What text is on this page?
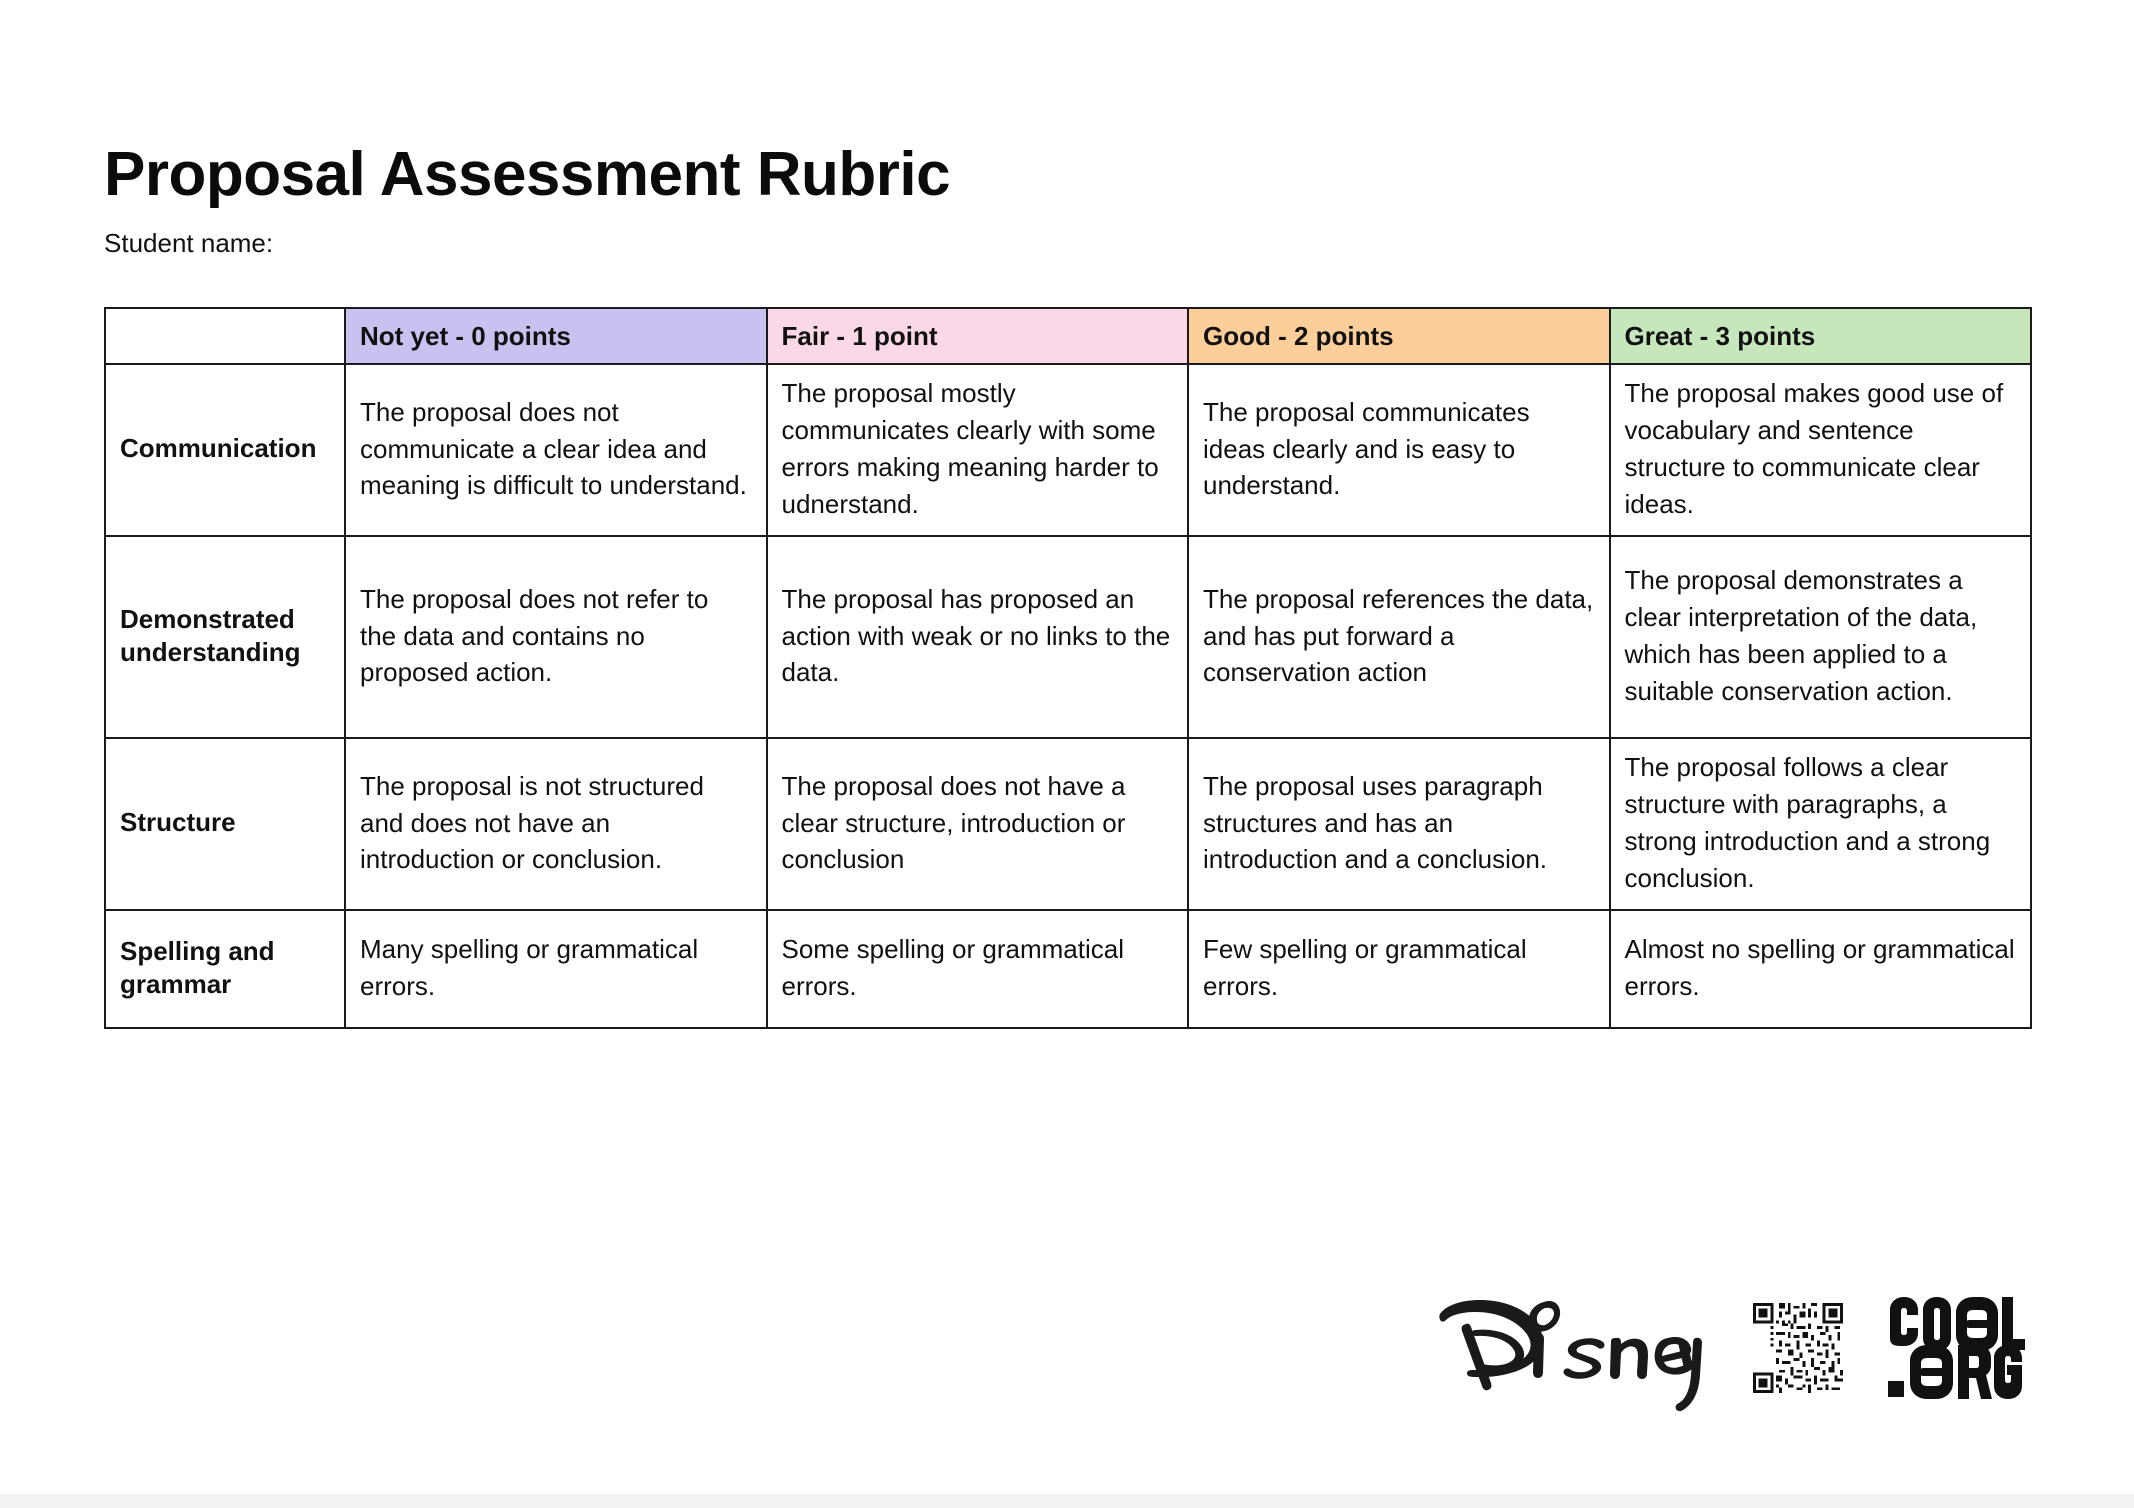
Proposal Assessment Rubric
Student name:
	Not yet - 0 points	Fair - 1 point	Good - 2 points	Great - 3 points
Communication	The proposal does not communicate a clear idea and meaning is difficult to understand.	The proposal mostly communicates clearly with some errors making meaning harder to udnerstand.	The proposal communicates ideas clearly and is easy to understand.	The proposal makes good use of vocabulary and sentence structure to communicate clear ideas.
Demonstrated understanding	The proposal does not refer to the data and contains no proposed action.	The proposal has proposed an action with weak or no links to the data.	The proposal references the data, and has put forward a conservation action	The proposal demonstrates a clear interpretation of the data, which has been applied to a suitable conservation action.
Structure	The proposal is not structured and does not have an introduction or conclusion.	The proposal does not have a clear structure, introduction or conclusion	The proposal uses paragraph structures and has an introduction and a conclusion.	The proposal follows a clear structure with paragraphs, a strong introduction and a strong conclusion.
Spelling and grammar	Many spelling or grammatical errors.	Some spelling or grammatical errors.	Few spelling or grammatical errors.	Almost no spelling or grammatical errors.
